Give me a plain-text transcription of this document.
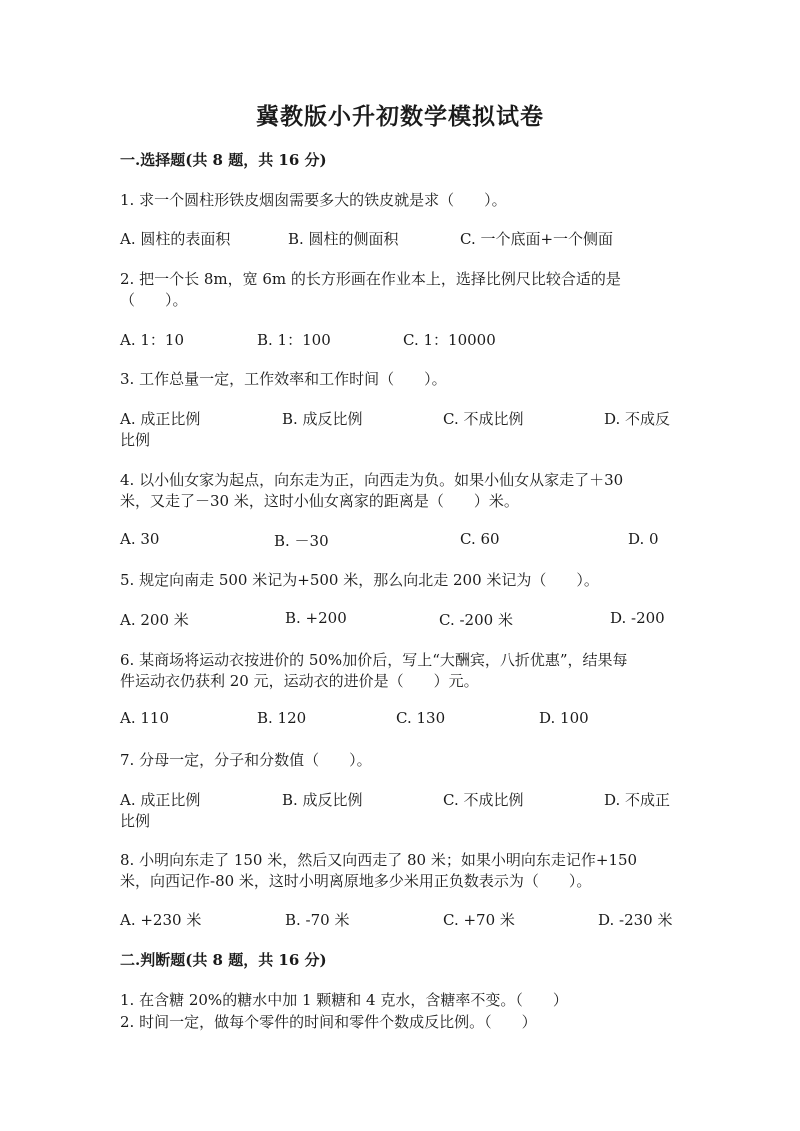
冀教版小升初数学模拟试卷
一.选择题(共 8 题，共 16 分)
1. 求一个圆柱形铁皮烟囱需要多大的铁皮就是求（　　）。
A. 圆柱的表面积	B. 圆柱的侧面积	C. 一个底面+一个侧面
2. 把一个长 8m，宽 6m 的长方形画在作业本上，选择比例尺比较合适的是
（　　）。
A. 1：10	B. 1：100	C. 1：10000
3. 工作总量一定，工作效率和工作时间（　　）。
A. 成正比例	B. 成反比例	C. 不成比例	D. 不成反
比例
4. 以小仙女家为起点，向东走为正，向西走为负。如果小仙女从家走了＋30
米，又走了－30 米，这时小仙女离家的距离是（　　）米。
A. 30	B. －30	C. 60	D. 0
5. 规定向南走 500 米记为+500 米，那么向北走 200 米记为（　　）。
A. 200 米	B. +200	C. -200 米	D. -200
6. 某商场将运动衣按进价的 50%加价后，写上“大酬宾，八折优惠”，结果每
件运动衣仍获利 20 元，运动衣的进价是（　　）元。
A. 110	B. 120	C. 130	D. 100
7. 分母一定，分子和分数值（　　）。
A. 成正比例	B. 成反比例	C. 不成比例	D. 不成正
比例
8. 小明向东走了 150 米，然后又向西走了 80 米；如果小明向东走记作+150
米，向西记作-80 米，这时小明离原地多少米用正负数表示为（　　）。
A. +230 米	B. -70 米	C. +70 米	D. -230 米
二.判断题(共 8 题，共 16 分)
1. 在含糖 20%的糖水中加 1 颗糖和 4 克水，含糖率不变。（　　）
2. 时间一定，做每个零件的时间和零件个数成反比例。（　　）
